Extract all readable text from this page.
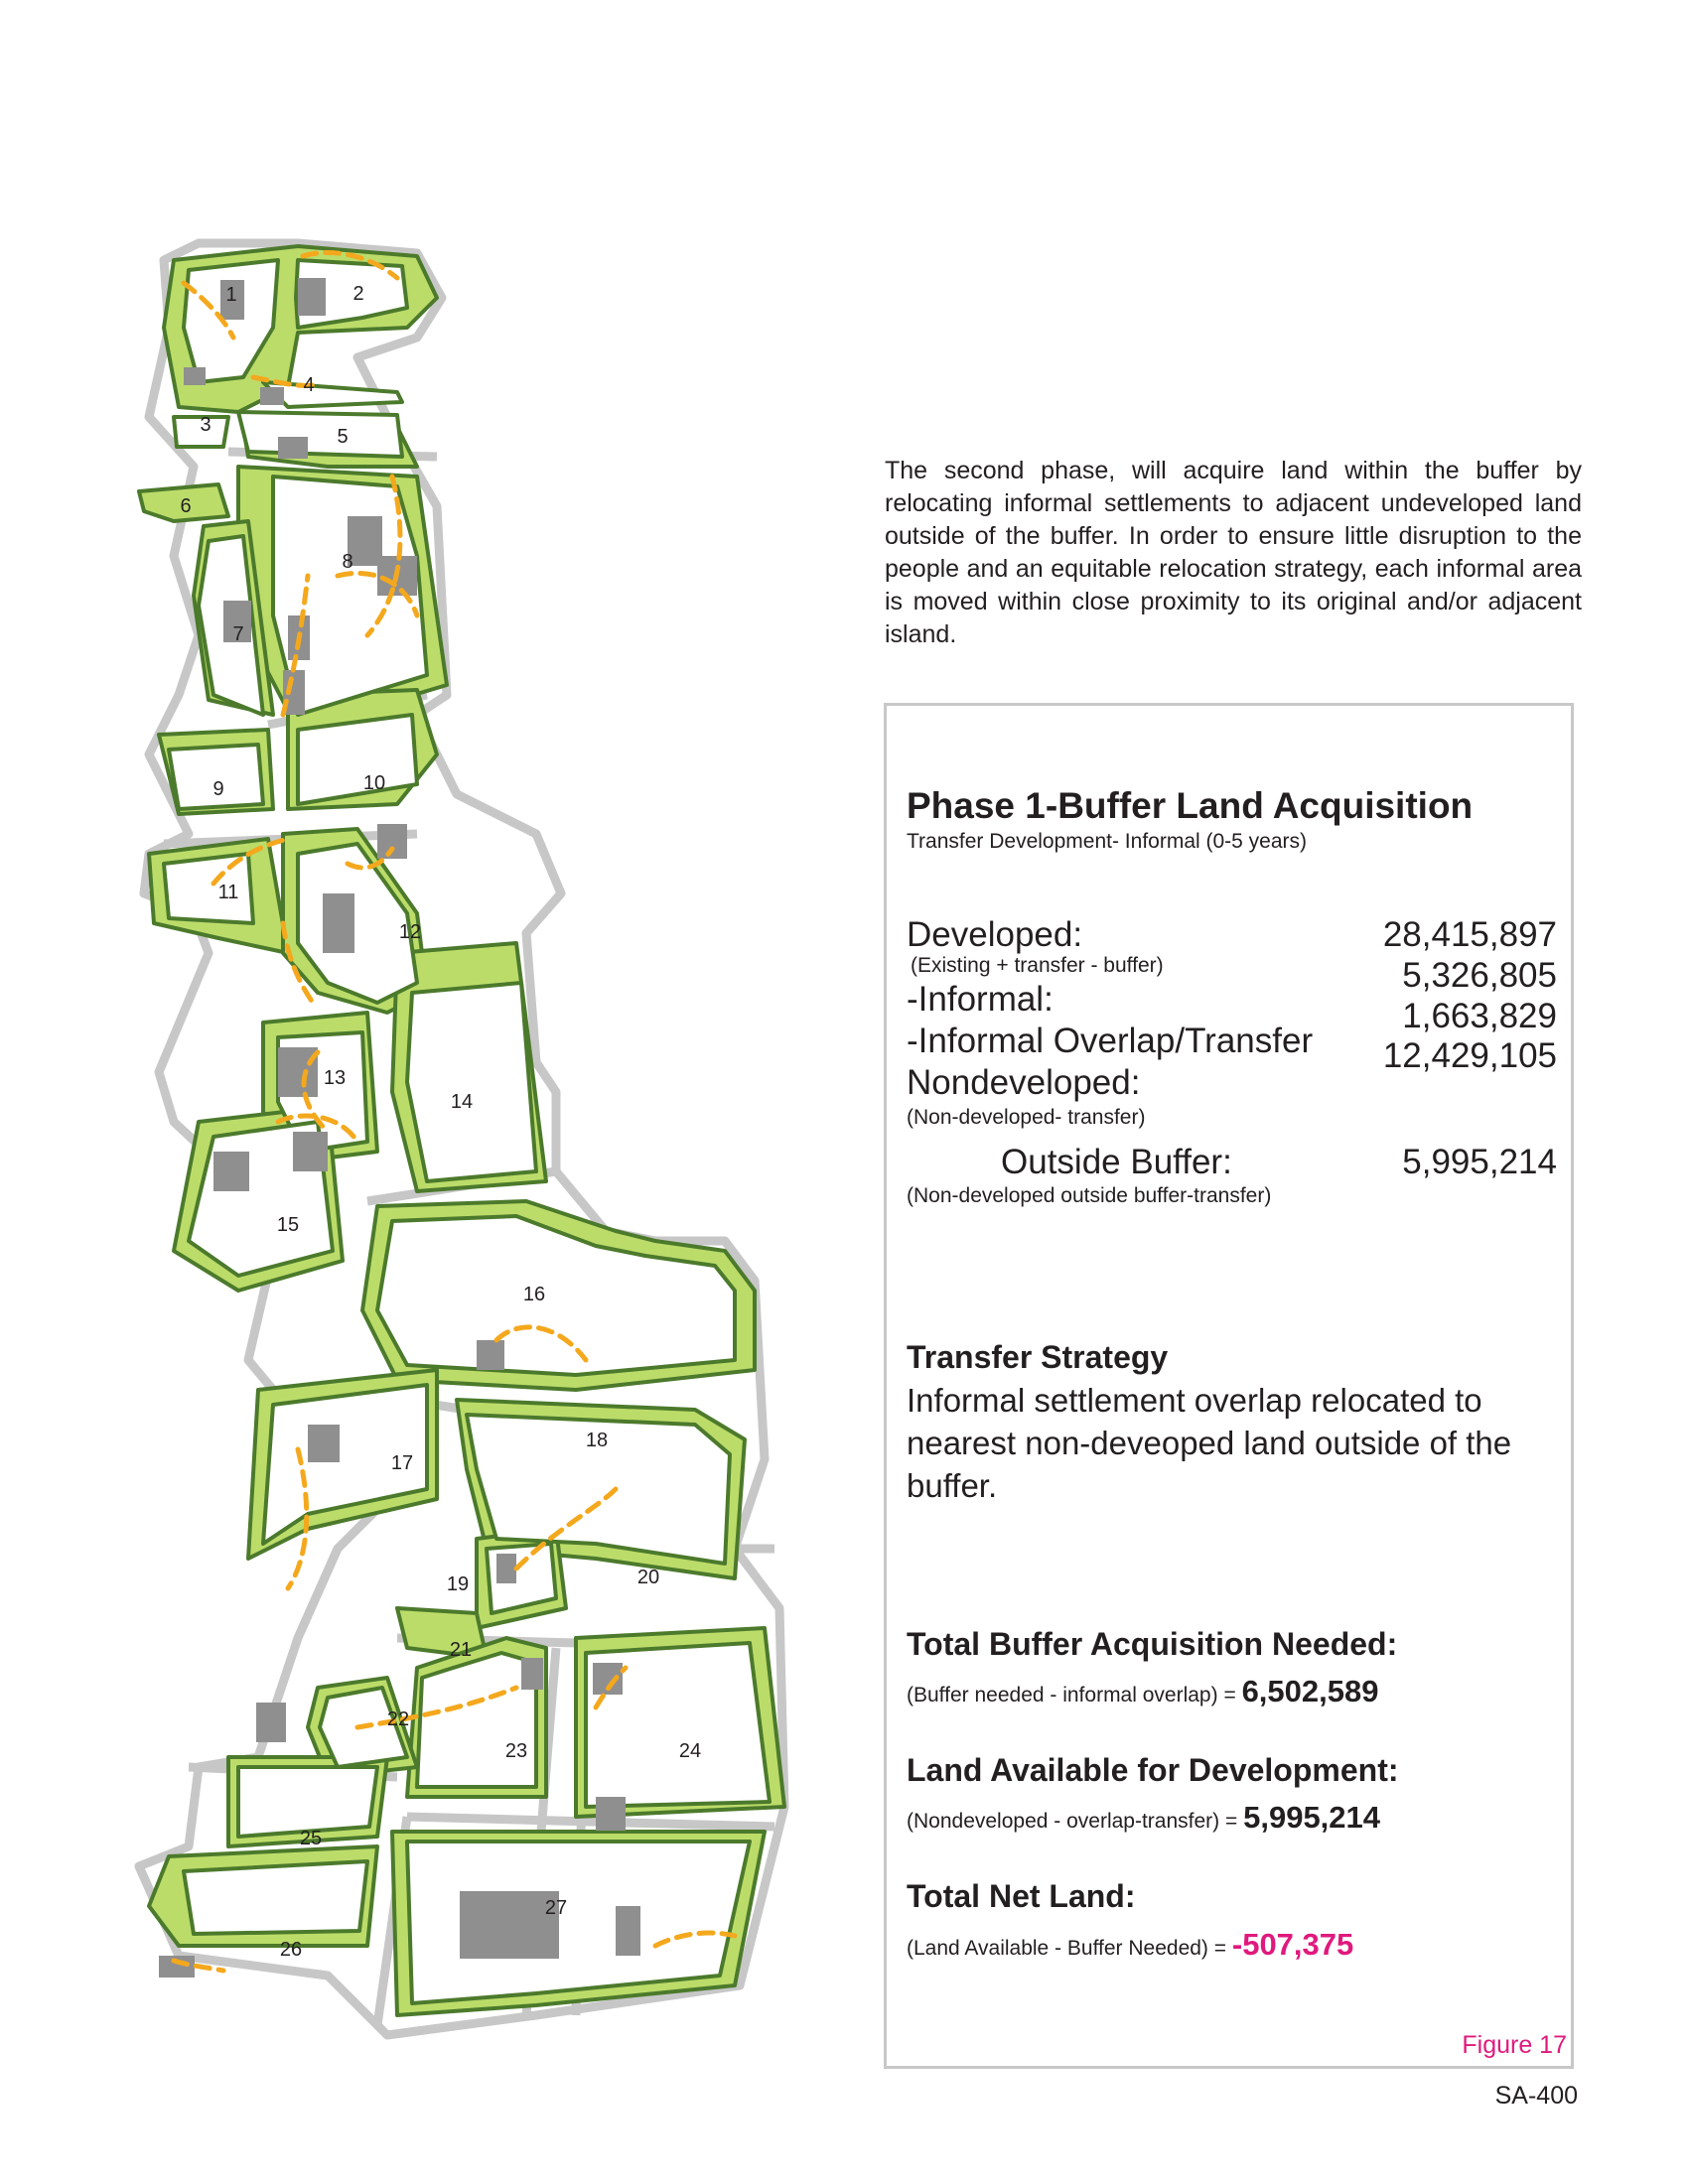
1	2
3
4
5
6
7
8
9	10
11
12
13
14
15
16
17
18
19	20
21
22
23	24
25
26
27

The second phase, will acquire land within the buffer by relocating informal settlements to adjacent undeveloped land outside of the buffer. In order to ensure little disruption to the people and an equitable relocation strategy, each informal area is moved within close proximity to its original and/or adjacent island.

Phase 1-Buffer Land Acquisition
Transfer Development- Informal (0-5 years)
Developed:	28,415,897
(Existing + transfer - buffer)	5,326,805
-Informal:	1,663,829
-Informal Overlap/Transfer 12,429,105
Nondeveloped:
(Non-developed- transfer)
Outside Buffer:	5,995,214
(Non-developed outside buffer-transfer)
Transfer Strategy

Informal settlement overlap relocated to nearest non-deveoped land outside of the buffer.

Total Buffer Acquisition Needed:
(Buffer needed - informal overlap) = 6,502,589
Land Available for Development:
(Nondeveloped - overlap-transfer) = 5,995,214
Total Net Land:
(Land Available - Buffer Needed) = -507,375
Figure 17
SA-400
